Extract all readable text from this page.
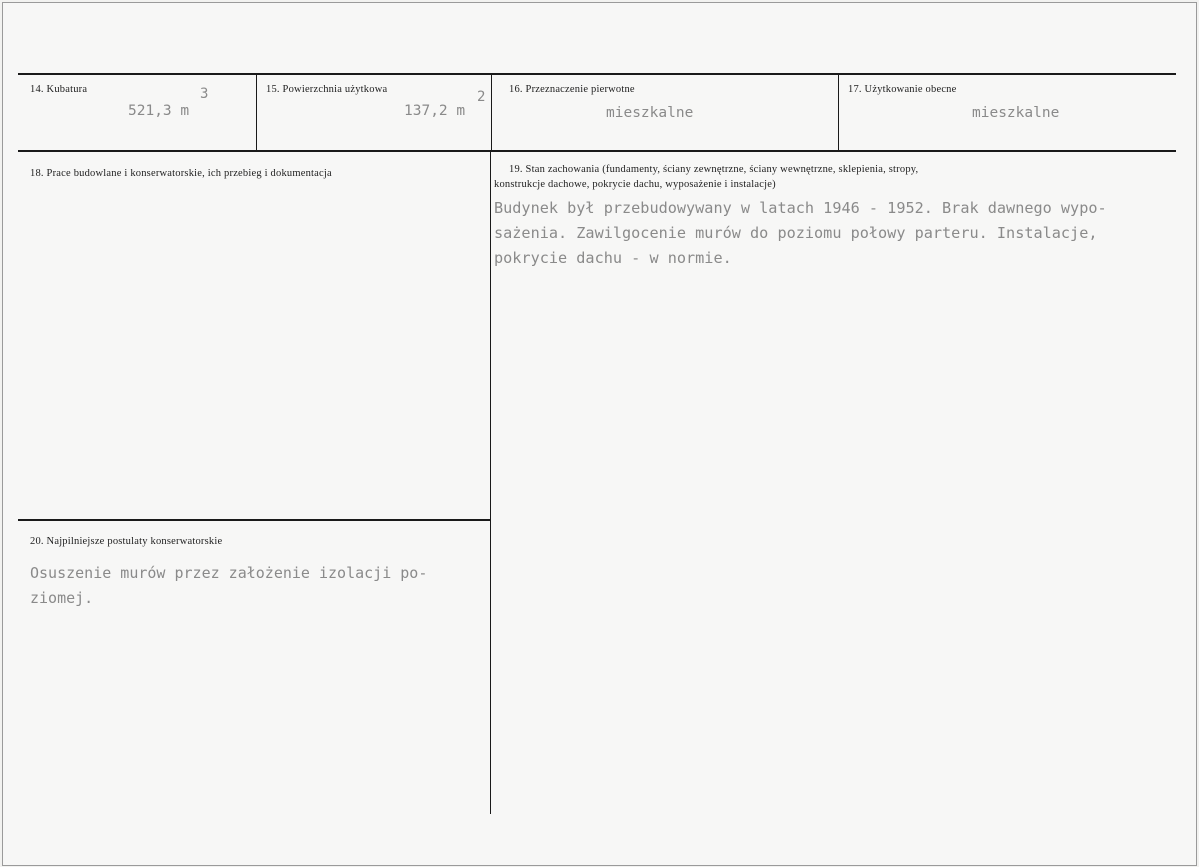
14. Kubatura
521,3 m
3	15. Powierzchnia użytkowa
137,2 m
2 16. Przeznaczenie pierwotne
mieszkalne
17. Użytkowanie obecne
mieszkalne
18. Prace budowlane i konserwatorskie, ich przebieg i dokumentacja	19. Stan zachowania (fundamenty, ściany zewnętrzne, ściany wewnętrzne, sklepienia, stropy,
konstrukcje dachowe, pokrycie dachu, wyposażenie i instalacje)
Budynek był przebudowywany w latach 1946 - 1952. Brak dawnego wypo-
sażenia. Zawilgocenie murów do poziomu połowy parteru. Instalacje,
pokrycie dachu - w normie.
20. Najpilniejsze postulaty konserwatorskie
Osuszenie murów przez założenie izolacji po-
ziomej.
